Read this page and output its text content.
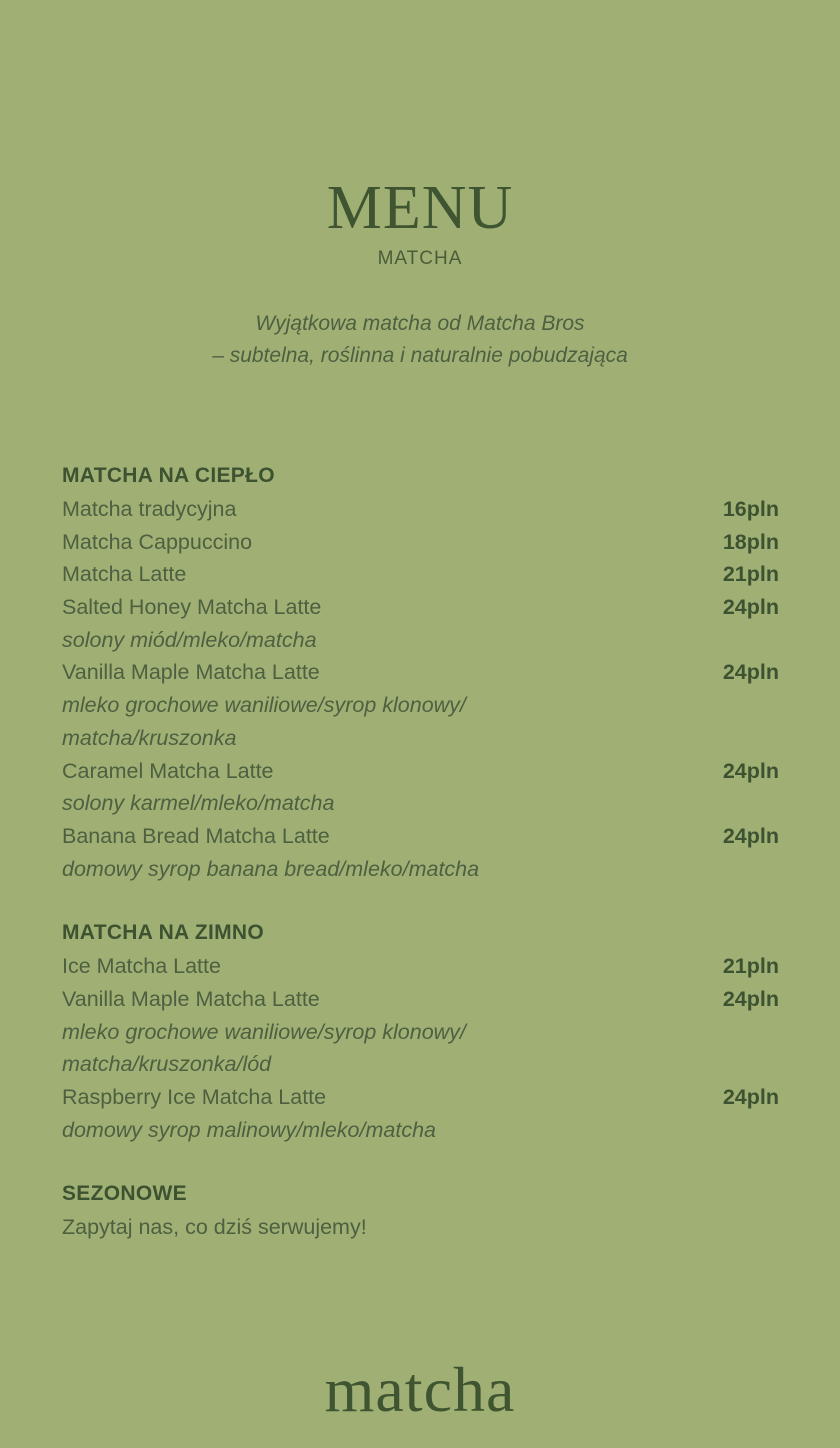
MENU
MATCHA
Wyjątkowa matcha od Matcha Bros
– subtelna, roślinna i naturalnie pobudzająca
MATCHA NA CIEPŁO
Matcha tradycyjna	16pln
Matcha Cappuccino	18pln
Matcha Latte	21pln
Salted Honey Matcha Latte	24pln
solony miód/mleko/matcha
Vanilla Maple Matcha Latte	24pln
mleko grochowe waniliowe/syrop klonowy/
matcha/kruszonka
Caramel Matcha Latte	24pln
solony karmel/mleko/matcha
Banana Bread Matcha Latte	24pln
domowy syrop banana bread/mleko/matcha
MATCHA NA ZIMNO
Ice Matcha Latte	21pln
Vanilla Maple Matcha Latte	24pln
mleko grochowe waniliowe/syrop klonowy/
matcha/kruszonka/lód
Raspberry Ice Matcha Latte	24pln
domowy syrop malinowy/mleko/matcha
SEZONOWE
Zapytaj nas, co dziś serwujemy!
matcha
